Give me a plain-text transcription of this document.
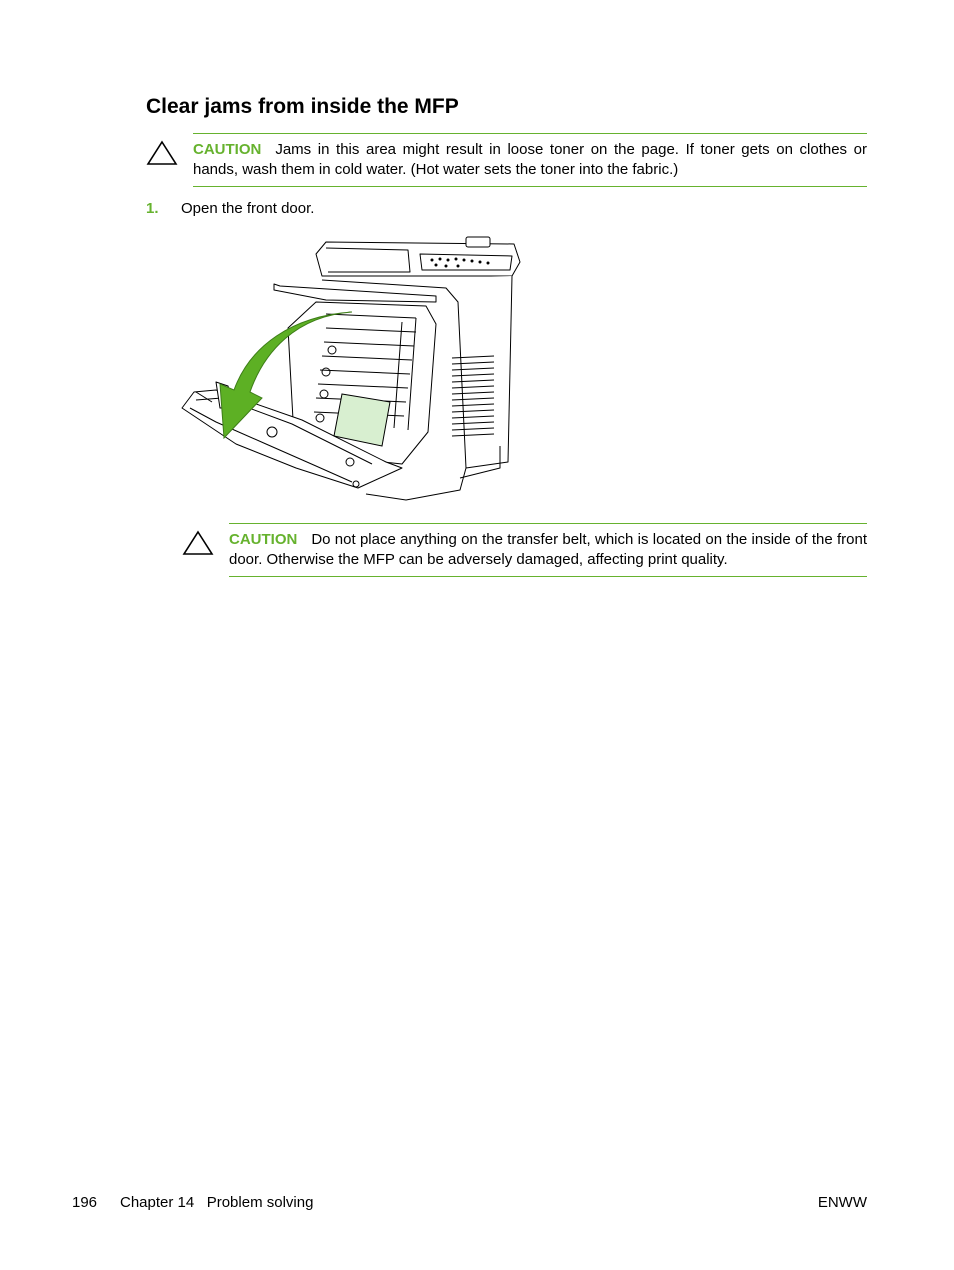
Clear jams from inside the MFP
CAUTION Jams in this area might result in loose toner on the page. If toner gets on clothes or hands, wash them in cold water. (Hot water sets the toner into the fabric.)
1. Open the front door.
CAUTION Do not place anything on the transfer belt, which is located on the inside of the front door. Otherwise the MFP can be adversely damaged, affecting print quality.
196 Chapter 14   Problem solving	ENWW
